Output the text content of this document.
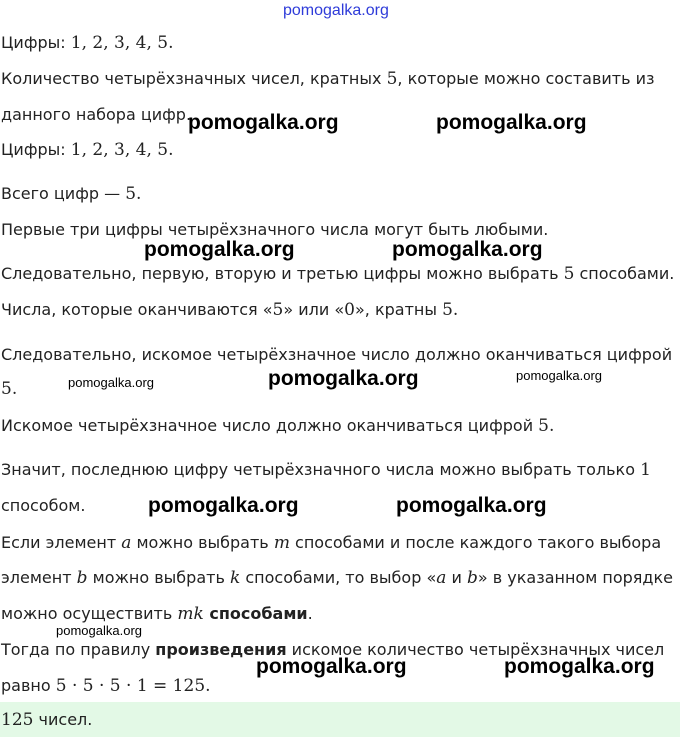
pomogalka.org
Цифры: 1, 2, 3, 4, 5.
Количество четырёхзначных чисел, кратных 5, которые можно составить из
данного набора цифр.
Цифры: 1, 2, 3, 4, 5.
Всего цифр — 5.
Первые три цифры четырёхзначного числа могут быть любыми.
Следовательно, первую, вторую и третью цифры можно выбрать 5 способами.
Числа, которые оканчиваются «5» или «0», кратны 5.
Следовательно, искомое четырёхзначное число должно оканчиваться цифрой
5.
Искомое четырёхзначное число должно оканчиваться цифрой 5.
Значит, последнюю цифру четырёхзначного числа можно выбрать только 1
способом.
Если элемент a можно выбрать m способами и после каждого такого выбора
элемент b можно выбрать k способами, то выбор «a и b» в указанном порядке
можно осуществить mk способами.
Тогда по правилу произведения искомое количество четырёхзначных чисел
равно 5 · 5 · 5 · 1 = 125.
125 чисел.
pomogalka.org	pomogalka.org
pomogalka.org	pomogalka.org
pomogalka.org	pomogalka.org	pomogalka.org
pomogalka.org	pomogalka.org
pomogalka.org
pomogalka.org	pomogalka.org
